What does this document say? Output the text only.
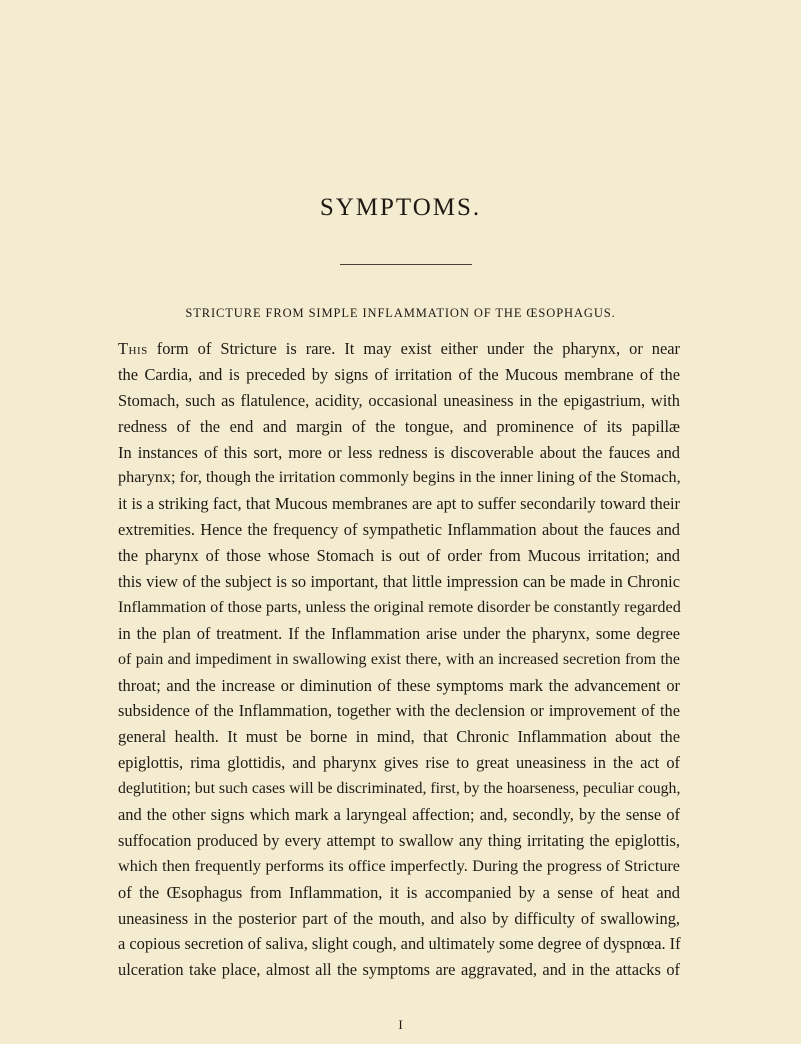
SYMPTOMS.
STRICTURE FROM SIMPLE INFLAMMATION OF THE ŒSOPHAGUS.
This form of Stricture is rare. It may exist either under the pharynx, or near
the Cardia, and is preceded by signs of irritation of the Mucous membrane of the
Stomach, such as flatulence, acidity, occasional uneasiness in the epigastrium, with
redness of the end and margin of the tongue, and prominence of its papillæ
In instances of this sort, more or less redness is discoverable about the fauces and
pharynx; for, though the irritation commonly begins in the inner lining of the Stomach,
it is a striking fact, that Mucous membranes are apt to suffer secondarily toward their
extremities. Hence the frequency of sympathetic Inflammation about the fauces and
the pharynx of those whose Stomach is out of order from Mucous irritation; and
this view of the subject is so important, that little impression can be made in Chronic
Inflammation of those parts, unless the original remote disorder be constantly regarded
in the plan of treatment. If the Inflammation arise under the pharynx, some degree
of pain and impediment in swallowing exist there, with an increased secretion from the
throat; and the increase or diminution of these symptoms mark the advancement or
subsidence of the Inflammation, together with the declension or improvement of the
general health. It must be borne in mind, that Chronic Inflammation about the
epiglottis, rima glottidis, and pharynx gives rise to great uneasiness in the act of
deglutition; but such cases will be discriminated, first, by the hoarseness, peculiar cough,
and the other signs which mark a laryngeal affection; and, secondly, by the sense of
suffocation produced by every attempt to swallow any thing irritating the epiglottis,
which then frequently performs its office imperfectly. During the progress of Stricture
of the Œsophagus from Inflammation, it is accompanied by a sense of heat and
uneasiness in the posterior part of the mouth, and also by difficulty of swallowing,
a copious secretion of saliva, slight cough, and ultimately some degree of dyspnœa. If
ulceration take place, almost all the symptoms are aggravated, and in the attacks of
I
